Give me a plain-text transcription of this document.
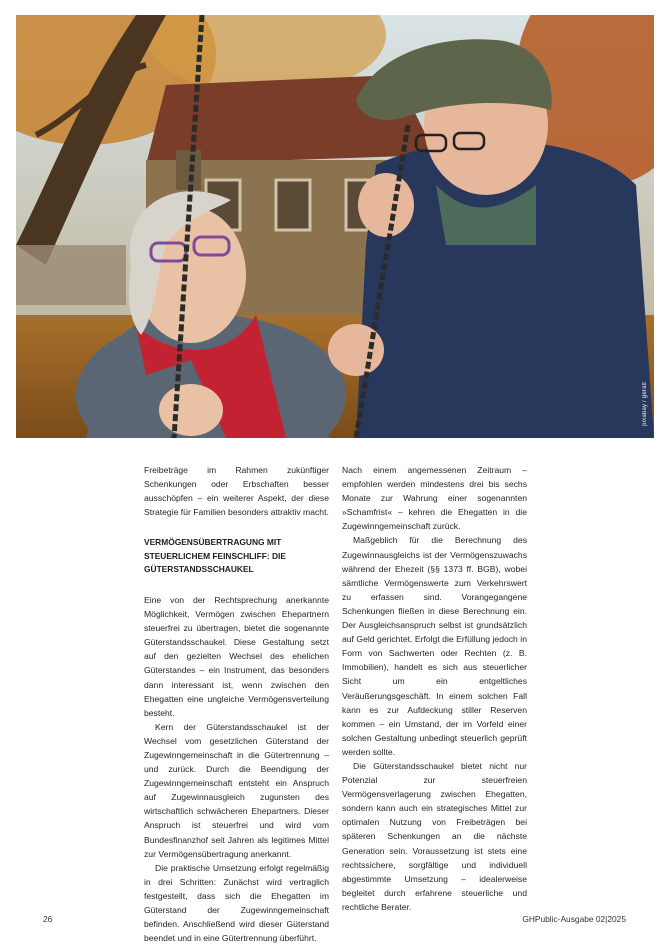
pixabay / geralt

Freibeträge im Rahmen zukünftiger Schenkungen oder Erbschaften besser ausschöpfen – ein weiterer Aspekt, der diese Strategie für Familien besonders attraktiv macht.

VERMÖGENSÜBERTRAGUNG MIT STEUERLICHEM FEINSCHLIFF: DIE GÜTERSTANDSSCHAUKEL

Eine von der Rechtsprechung anerkannte Möglichkeit, Vermögen zwischen Ehepartnern steuerfrei zu übertragen, bietet die sogenannte Güterstandsschaukel. Diese Gestaltung setzt auf den gezielten Wechsel des ehelichen Güterstandes – ein Instrument, das besonders dann interessant ist, wenn zwischen den Ehegatten eine ungleiche Vermögensverteilung besteht.

Kern der Güterstandsschaukel ist der Wechsel vom gesetzlichen Güterstand der Zugewinngemeinschaft in die Gütertrennung – und zurück. Durch die Beendigung der Zugewinngemeinschaft entsteht ein Anspruch auf Zugewinnausgleich zugunsten des wirtschaftlich schwächeren Ehepartners. Dieser Anspruch ist steuerfrei und wird vom Bundesfinanzhof seit Jahren als legitimes Mittel zur Vermögensübertragung anerkannt.

Die praktische Umsetzung erfolgt regelmäßig in drei Schritten: Zunächst wird vertraglich festgestellt, dass sich die Ehegatten im Güterstand der Zugewinngemeinschaft befinden. Anschließend wird dieser Güterstand beendet und in eine Gütertrennung überführt.

Nach einem angemessenen Zeitraum – empfohlen werden mindestens drei bis sechs Monate zur Wahrung einer sogenannten »Schamfrist« – kehren die Ehegatten in die Zugewinngemeinschaft zurück.

Maßgeblich für die Berechnung des Zugewinnausgleichs ist der Vermögenszuwachs während der Ehezeit (§§ 1373 ff. BGB), wobei sämtliche Vermögenswerte zum Verkehrswert zu erfassen sind. Vorangegangene Schenkungen fließen in diese Berechnung ein. Der Ausgleichsanspruch selbst ist grundsätzlich auf Geld gerichtet. Erfolgt die Erfüllung jedoch in Form von Sachwerten oder Rechten (z. B. Immobilien), handelt es sich aus steuerlicher Sicht um ein entgeltliches Veräußerungsgeschäft. In einem solchen Fall kann es zur Aufdeckung stiller Reserven kommen – ein Umstand, der im Vorfeld einer solchen Gestaltung unbedingt steuerlich geprüft werden sollte.

Die Güterstandsschaukel bietet nicht nur Potenzial zur steuerfreien Vermögensverlagerung zwischen Ehegatten, sondern kann auch ein strategisches Mittel zur optimalen Nutzung von Freibeträgen bei späteren Schenkungen an die nächste Generation sein. Voraussetzung ist stets eine rechtssichere, sorgfältige und individuell abgestimmte Umsetzung – idealerweise begleitet durch erfahrene steuerliche und rechtliche Berater.

26	GHPublic-Ausgabe 02|2025
